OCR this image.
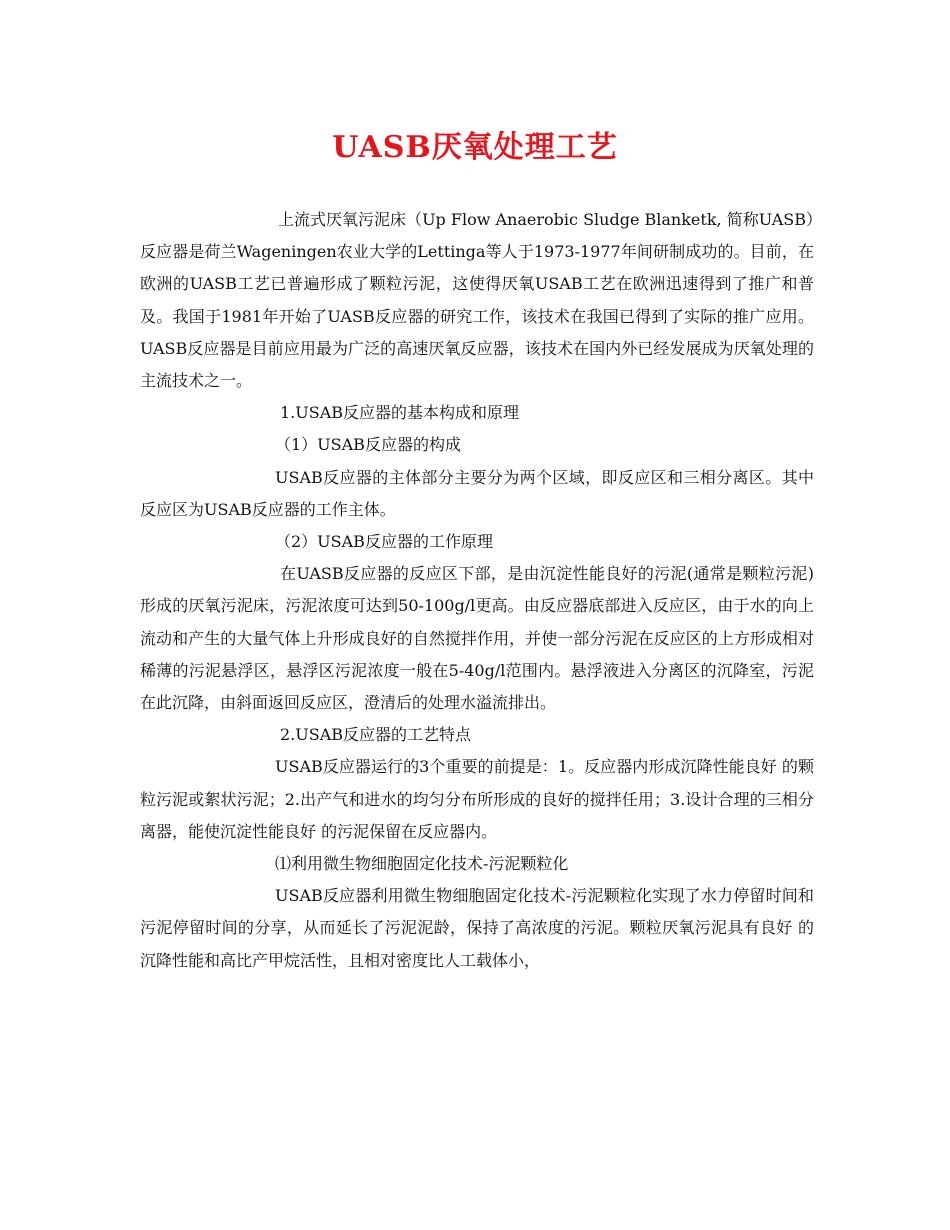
UASB厌氧处理工艺

上流式厌氧污泥床（Up Flow Anaerobic Sludge Blanketk, 简称UASB）反应器是荷兰Wageningen农业大学的Lettinga等人于1973-1977年间研制成功的。目前，在欧洲的UASB工艺已普遍形成了颗粒污泥，这使得厌氧USAB工艺在欧洲迅速得到了推广和普及。我国于1981年开始了UASB反应器的研究工作，该技术在我国已得到了实际的推广应用。UASB反应器是目前应用最为广泛的高速厌氧反应器，该技术在国内外已经发展成为厌氧处理的主流技术之一。

1.USAB反应器的基本构成和原理

（1）USAB反应器的构成

USAB反应器的主体部分主要分为两个区域，即反应区和三相分离区。其中反应区为USAB反应器的工作主体。

（2）USAB反应器的工作原理

在UASB反应器的反应区下部，是由沉淀性能良好的污泥(通常是颗粒污泥)形成的厌氧污泥床，污泥浓度可达到50-100g/l更高。由反应器底部进入反应区，由于水的向上流动和产生的大量气体上升形成良好的自然搅拌作用，并使一部分污泥在反应区的上方形成相对稀薄的污泥悬浮区，悬浮区污泥浓度一般在5-40g/l范围内。悬浮液进入分离区的沉降室，污泥在此沉降，由斜面返回反应区，澄清后的处理水溢流排出。

2.USAB反应器的工艺特点

USAB反应器运行的3个重要的前提是：1。反应器内形成沉降性能良好 的颗粒污泥或絮状污泥；2.出产气和进水的均匀分布所形成的良好的搅拌任用；3.设计合理的三相分离器，能使沉淀性能良好 的污泥保留在反应器内。

⑴利用微生物细胞固定化技术-污泥颗粒化

USAB反应器利用微生物细胞固定化技术-污泥颗粒化实现了水力停留时间和污泥停留时间的分享，从而延长了污泥泥龄，保持了高浓度的污泥。颗粒厌氧污泥具有良好 的沉降性能和高比产甲烷活性，且相对密度比人工载体小，
